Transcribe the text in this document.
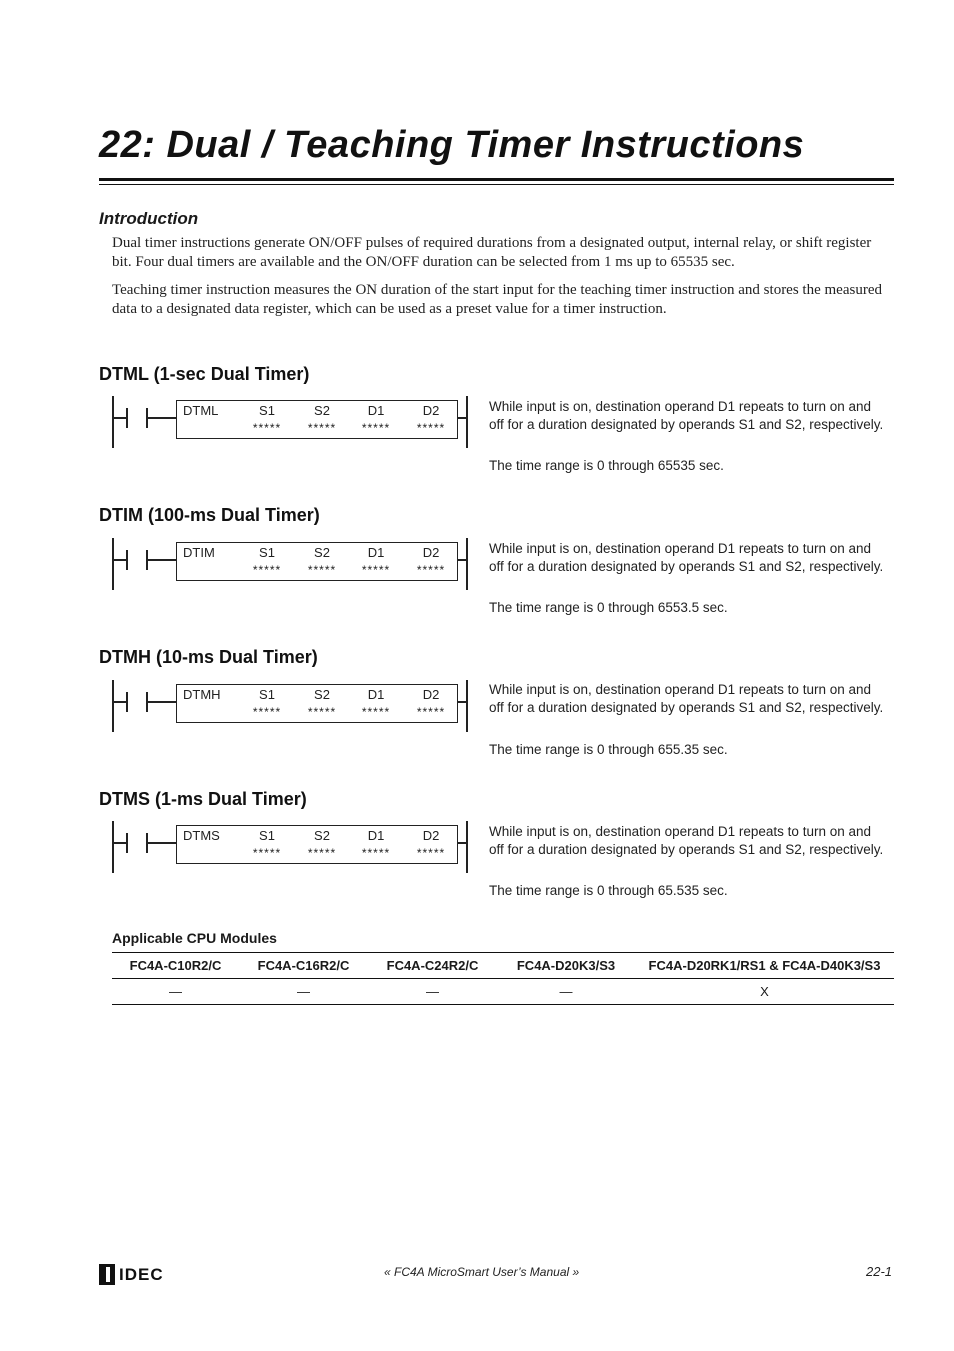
22: Dual / Teaching Timer Instructions
Introduction
Dual timer instructions generate ON/OFF pulses of required durations from a designated output, internal relay, or shift register bit. Four dual timers are available and the ON/OFF duration can be selected from 1 ms up to 65535 sec.
Teaching timer instruction measures the ON duration of the start input for the teaching timer instruction and stores the measured data to a designated data register, which can be used as a preset value for a timer instruction.
DTML (1-sec Dual Timer)
DTML	S1	S2	D1	D2
*****	*****	*****	*****
While input is on, destination operand D1 repeats to turn on and off for a duration designated by operands S1 and S2, respectively.
The time range is 0 through 65535 sec.
DTIM (100-ms Dual Timer)
DTIM	S1	S2	D1	D2
*****	*****	*****	*****
While input is on, destination operand D1 repeats to turn on and off for a duration designated by operands S1 and S2, respectively.
The time range is 0 through 6553.5 sec.
DTMH (10-ms Dual Timer)
DTMH	S1	S2	D1	D2
*****	*****	*****	*****
While input is on, destination operand D1 repeats to turn on and off for a duration designated by operands S1 and S2, respectively.
The time range is 0 through 655.35 sec.
DTMS (1-ms Dual Timer)
DTMS	S1	S2	D1	D2
*****	*****	*****	*****
While input is on, destination operand D1 repeats to turn on and off for a duration designated by operands S1 and S2, respectively.
The time range is 0 through 65.535 sec.
Applicable CPU Modules
FC4A-C10R2/C	FC4A-C16R2/C	FC4A-C24R2/C	FC4A-D20K3/S3	FC4A-D20RK1/RS1 & FC4A-D40K3/S3
—	—	—	—	X
IDEC	« FC4A MicroSmart User’s Manual »	22-1
